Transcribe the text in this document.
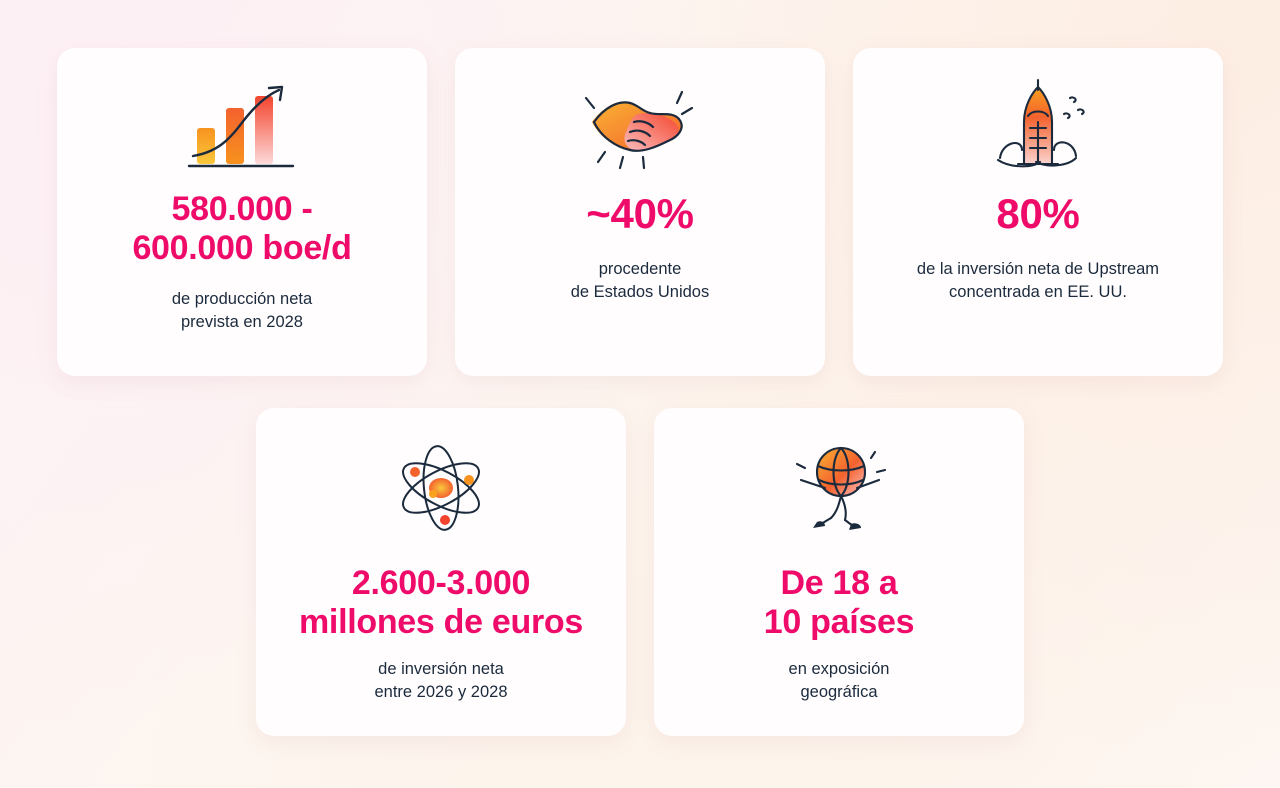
580.000 -
600.000 boe/d
de producción neta
prevista en 2028
~40%
procedente
de Estados Unidos
80%
de la inversión neta de Upstream
concentrada en EE. UU.
2.600-3.000
millones de euros
de inversión neta
entre 2026 y 2028
De 18 a
10 países
en exposición
geográfica
